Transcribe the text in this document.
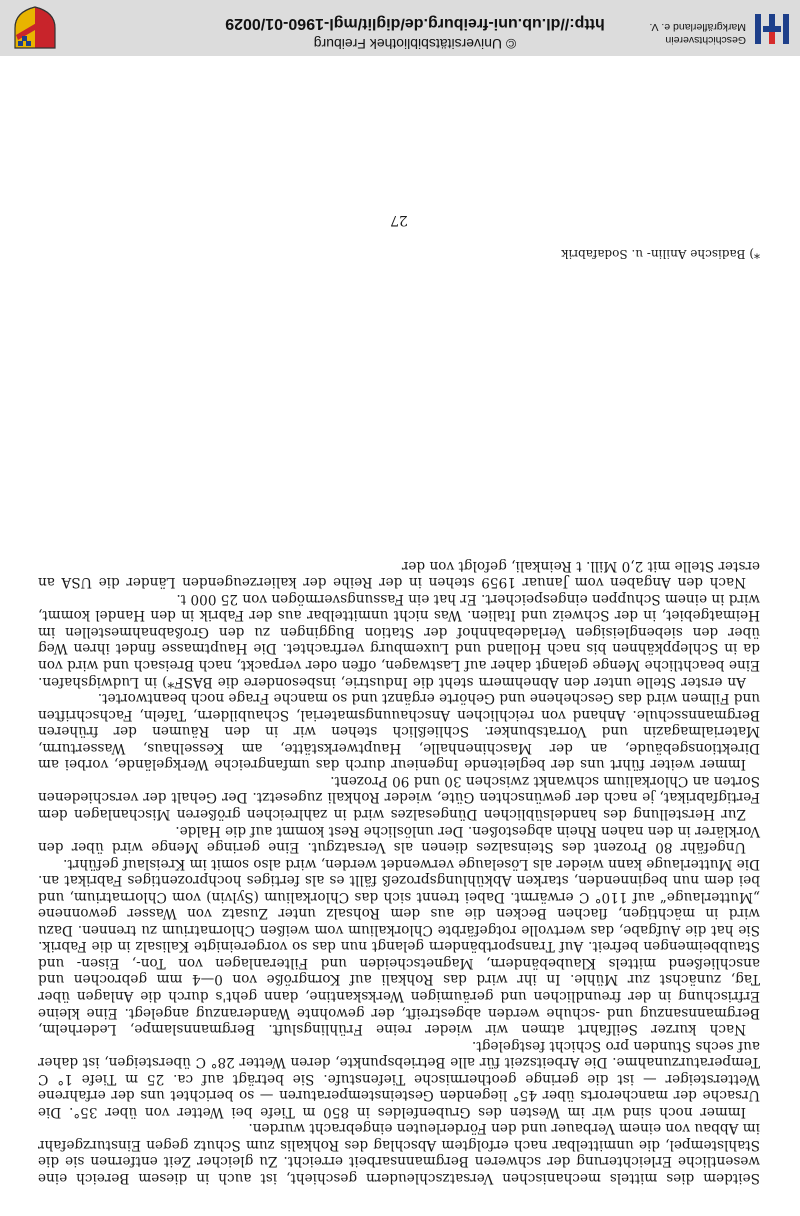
Seitdem dies mittels mechanischen Versatzschleudern geschieht, ist auch in diesem Bereich eine wesentliche Erleichterung der schweren Bergmannsarbeit erreicht. Zu gleicher Zeit entfernen sie die Stahlstempel, die unmittelbar nach erfolgtem Abschlag des Rohkalis zum Schutz gegen Einsturzgefahr im Abbau von einem Verbauer und den Förderleuten eingebracht wurden.

Immer noch sind wir im Westen des Grubenfeldes in 850 m Tiefe bei Wetter von über 35°. Die Ursache der mancherorts über 45° liegenden Gesteinstemperaturen — so berichtet uns der erfahrene Wettersteiger — ist die geringe geothermische Tiefenstufe. Sie beträgt auf ca. 25 m Tiefe 1° C Temperaturzunahme. Die Arbeitszeit für alle Betriebspunkte, deren Wetter 28° C übersteigen, ist daher auf sechs Stunden pro Schicht festgelegt.

Nach kurzer Seilfahrt atmen wir wieder reine Frühlingsluft. Bergmannslampe, Lederhelm, Bergmannsanzug und -schuhe werden abgestreift, der gewohnte Wanderanzug angelegt. Eine kleine Erfrischung in der freundlichen und geräumigen Werkskantine, dann geht's durch die Anlagen über Tag, zunächst zur Mühle. In ihr wird das Rohkali auf Korngröße von 0—4 mm gebrochen und anschließend mittels Klaubebändern, Magnetscheiden und Filteranlagen von Ton-, Eisen- und Staubbeimengen befreit. Auf Transportbändern gelangt nun das so vorgereinigte Kalisalz in die Fabrik. Sie hat die Aufgabe, das wertvolle rotgefärbte Chlorkalium vom weißen Chlornatrium zu trennen. Dazu wird in mächtigen, flachen Becken die aus dem Rohsalz unter Zusatz von Wasser gewonnene „Mutterlauge“ auf 110° C erwärmt. Dabei trennt sich das Chlorkalium (Sylvin) vom Chlornatrium, und bei dem nun beginnenden, starken Abkühlungsprozeß fällt es als fertiges hochprozentiges Fabrikat an. Die Mutterlauge kann wieder als Löselauge verwendet werden, wird also somit im Kreislauf geführt.

Ungefähr 80 Prozent des Steinsalzes dienen als Versatzgut. Eine geringe Menge wird über den Vorklärer in den nahen Rhein abgestoßen. Der unlösliche Rest kommt auf die Halde.

Zur Herstellung des handelsüblichen Düngesalzes wird in zahlreichen größeren Mischanlagen dem Fertigfabrikat, je nach der gewünschten Güte, wieder Rohkali zugesetzt. Der Gehalt der verschiedenen Sorten an Chlorkalium schwankt zwischen 30 und 90 Prozent.

Immer weiter führt uns der begleitende Ingenieur durch das umfangreiche Werkgelände, vorbei am Direktionsgebäude, an der Maschinenhalle, Hauptwerkstätte, am Kesselhaus, Wasserturm, Materialmagazin und Vorratsbunker. Schließlich stehen wir in den Räumen der früheren Bergmannsschule. Anhand von reichlichen Anschauungsmaterial, Schaubildern, Tafeln, Fachschriften und Filmen wird das Geschehene und Gehörte ergänzt und so manche Frage noch beantwortet.

An erster Stelle unter den Abnehmern steht die Industrie, insbesondere die BASF*) in Ludwigshafen. Eine beachtliche Menge gelangt daher auf Lastwagen, offen oder verpackt, nach Breisach und wird von da in Schleppkähnen bis nach Holland und Luxemburg verfrachtet. Die Hauptmasse findet ihren Weg über den siebengleisigen Verladebahnhof der Station Buggingen zu den Großabnahmestellen im Heimatgebiet, in der Schweiz und Italien. Was nicht unmittelbar aus der Fabrik in den Handel kommt, wird in einem Schuppen eingespeichert. Er hat ein Fassungsvermögen von 25 000 t.

Nach den Angaben vom Januar 1959 stehen in der Reihe der kalierzeugenden Länder die USA an erster Stelle mit 2,0 Mill. t Reinkali, gefolgt von der

*) Badische Anilin- u. Sodafabrik
27
© Universitätsbibliothek Freiburg
http://dl.ub.uni-freiburg.de/diglit/mgl-1960-01/0029
Geschichtsverein
Markgräflerland e. V.
